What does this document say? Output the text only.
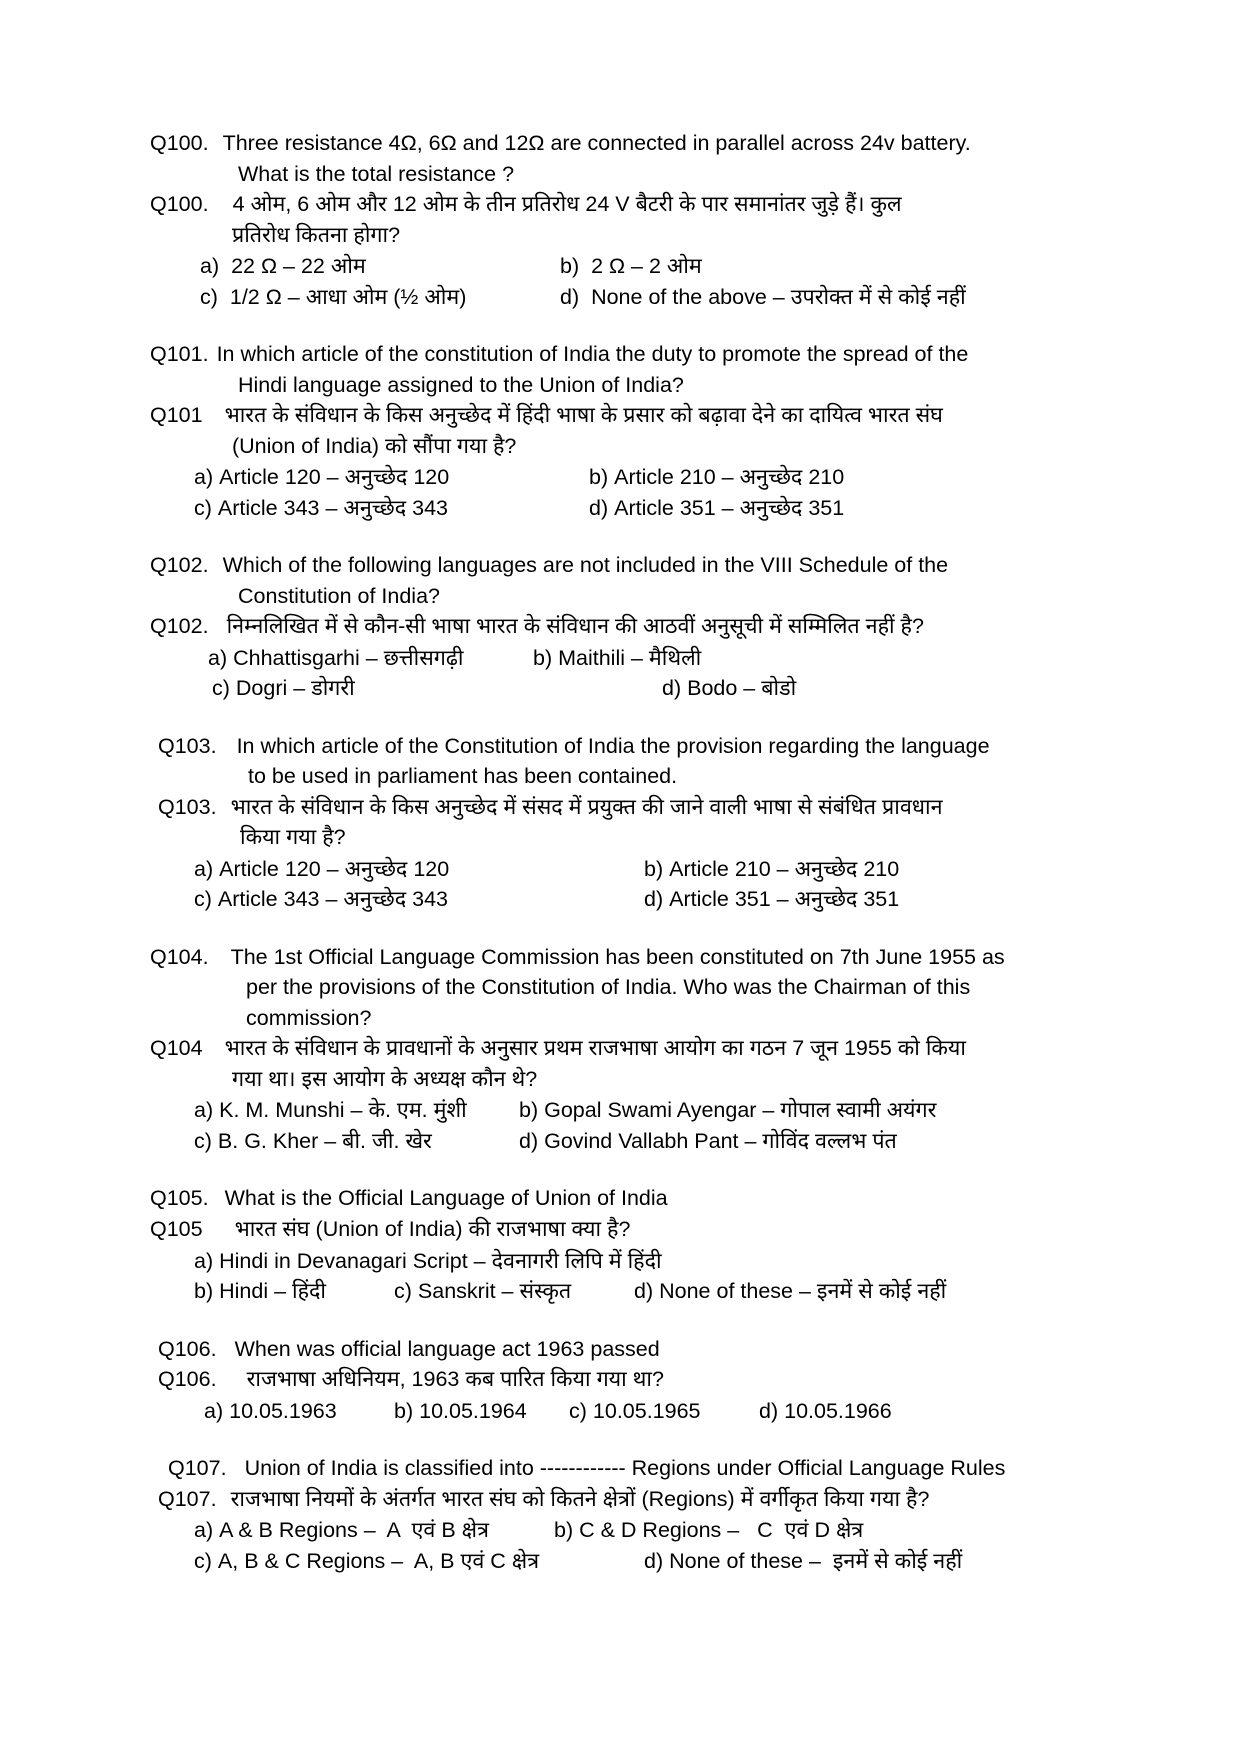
Q100. Three resistance 4Ω, 6Ω and 12Ω are connected in parallel across 24v battery.
What is the total resistance ?
Q100.	4 ओम, 6 ओम और 12 ओम के तीन प्रतिरोध 24 V बैटरी के पार समानांतर जुड़े हैं। कुल
प्रतिरोध कितना होगा?
a) 22 Ω – 22 ओम	b) 2 Ω – 2 ओम
c) 1/2 Ω – आधा ओम (½ ओम)	d) None of the above – उपरोक्त में से कोई नहीं
Q101. In which article of the constitution of India the duty to promote the spread of the
Hindi language assigned to the Union of India?
Q101	भारत के संविधान के किस अनुच्छेद में हिंदी भाषा के प्रसार को बढ़ावा देने का दायित्व भारत संघ
(Union of India) को सौंपा गया है?
a) Article 120 – अनुच्छेद 120	b) Article 210 – अनुच्छेद 210
c) Article 343 – अनुच्छेद 343	d) Article 351 – अनुच्छेद 351
Q102. Which of the following languages are not included in the VIII Schedule of the
Constitution of India?
Q102. निम्नलिखित में से कौन-सी भाषा भारत के संविधान की आठवीं अनुसूची में सम्मिलित नहीं है?
a) Chhattisgarhi – छत्तीसगढ़ी	b) Maithili – मैथिली
c) Dogri – डोगरी	d) Bodo – बोडो
Q103. In which article of the Constitution of India the provision regarding the language
to be used in parliament has been contained.
Q103. भारत के संविधान के किस अनुच्छेद में संसद में प्रयुक्त की जाने वाली भाषा से संबंधित प्रावधान
किया गया है?
a) Article 120 – अनुच्छेद 120	b) Article 210 – अनुच्छेद 210
c) Article 343 – अनुच्छेद 343	d) Article 351 – अनुच्छेद 351
Q104.	The 1st Official Language Commission has been constituted on 7th June 1955 as
per the provisions of the Constitution of India. Who was the Chairman of this
commission?
Q104	भारत के संविधान के प्रावधानों के अनुसार प्रथम राजभाषा आयोग का गठन 7 जून 1955 को किया
गया था। इस आयोग के अध्यक्ष कौन थे?
a) K. M. Munshi – के. एम. मुंशी	b) Gopal Swami Ayengar – गोपाल स्वामी अयंगर
c) B. G. Kher – बी. जी. खेर	d) Govind Vallabh Pant – गोविंद वल्लभ पंत
Q105. What is the Official Language of Union of India
Q105	भारत संघ (Union of India) की राजभाषा क्या है?
a) Hindi in Devanagari Script – देवनागरी लिपि में हिंदी
b) Hindi – हिंदी	c) Sanskrit – संस्कृत	d) None of these – इनमें से कोई नहीं
Q106. When was official language act 1963 passed
Q106.	राजभाषा अधिनियम, 1963 कब पारित किया गया था?
a) 10.05.1963	b) 10.05.1964	c) 10.05.1965	d) 10.05.1966
Q107. Union of India is classified into ------------ Regions under Official Language Rules
Q107. राजभाषा नियमों के अंतर्गत भारत संघ को कितने क्षेत्रों (Regions) में वर्गीकृत किया गया है?
a) A & B Regions –  A  एवं B क्षेत्र	b) C & D Regions –   C  एवं D क्षेत्र
c) A, B & C Regions –  A, B एवं C क्षेत्र	d) None of these –  इनमें से कोई नहीं
